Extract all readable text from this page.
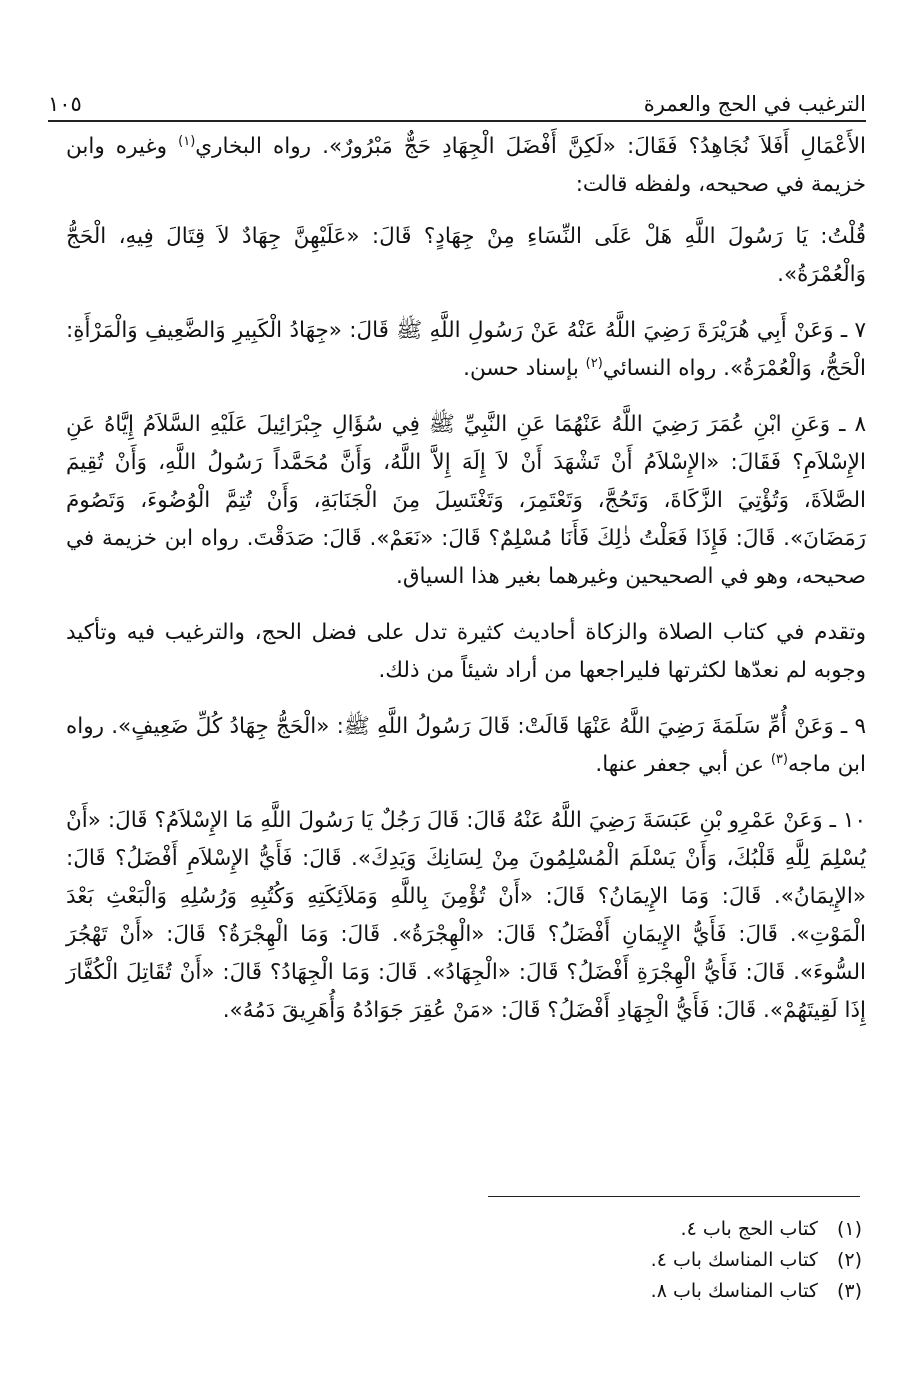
الترغيب في الحج والعمرة
١٠٥

الأَعْمَالِ أَفَلاَ نُجَاهِدُ؟ فَقَالَ: «لَكِنَّ أَفْضَلَ الْجِهَادِ حَجٌّ مَبْرُورٌ». رواه البخاري$^{(١)}$ وغيره وابن خزيمة في صحيحه، ولفظه قالت:

قُلْتُ: يَا رَسُولَ اللَّهِ هَلْ عَلَى النِّسَاءِ مِنْ جِهَادٍ؟ قَالَ: «عَلَيْهِنَّ جِهَادٌ لاَ قِتَالَ فِيهِ، الْحَجُّ وَالْعُمْرَةُ».

٧ ـ وَعَنْ أَبِي هُرَيْرَةَ رَضِيَ اللَّهُ عَنْهُ عَنْ رَسُولِ اللَّهِ ﷺ قَالَ: «جِهَادُ الْكَبِيرِ وَالضَّعِيفِ وَالْمَرْأَةِ: الْحَجُّ، وَالْعُمْرَةُ». رواه النسائي$^{(٢)}$ بإسناد حسن.

٨ ـ وَعَنِ ابْنِ عُمَرَ رَضِيَ اللَّهُ عَنْهُمَا عَنِ النَّبِيِّ ﷺ فِي سُؤَالِ جِبْرَائِيلَ عَلَيْهِ السَّلاَمُ إِيَّاهُ عَنِ الإِسْلاَمِ؟ فَقَالَ: «الإِسْلاَمُ أَنْ تَشْهَدَ أَنْ لاَ إِلَهَ إِلاَّ اللَّهُ، وَأَنَّ مُحَمَّداً رَسُولُ اللَّهِ، وَأَنْ تُقِيمَ الصَّلاَةَ، وَتُؤْتِيَ الزَّكَاةَ، وَتَحُجَّ، وَتَعْتَمِرَ، وَتَغْتَسِلَ مِنَ الْجَنَابَةِ، وَأَنْ تُتِمَّ الْوُضُوءَ، وَتَصُومَ رَمَضَانَ». قَالَ: فَإِذَا فَعَلْتُ ذٰلِكَ فَأَنَا مُسْلِمٌ؟ قَالَ: «نَعَمْ». قَالَ: صَدَقْتَ. رواه ابن خزيمة في صحيحه، وهو في الصحيحين وغيرهما بغير هذا السياق.

وتقدم في كتاب الصلاة والزكاة أحاديث كثيرة تدل على فضل الحج، والترغيب فيه وتأكيد وجوبه لم نعدّها لكثرتها فليراجعها من أراد شيئاً من ذلك.

٩ ـ وَعَنْ أُمِّ سَلَمَةَ رَضِيَ اللَّهُ عَنْهَا قَالَتْ: قَالَ رَسُولُ اللَّهِ ﷺ: «الْحَجُّ جِهَادُ كُلِّ ضَعِيفٍ». رواه ابن ماجه$^{(٣)}$ عن أبي جعفر عنها.

١٠ ـ وَعَنْ عَمْرِو بْنِ عَبَسَةَ رَضِيَ اللَّهُ عَنْهُ قَالَ: قَالَ رَجُلٌ يَا رَسُولَ اللَّهِ مَا الإِسْلاَمُ؟ قَالَ: «أَنْ يُسْلِمَ لِلَّهِ قَلْبُكَ، وَأَنْ يَسْلَمَ الْمُسْلِمُونَ مِنْ لِسَانِكَ وَيَدِكَ». قَالَ: فَأَيُّ الإِسْلاَمِ أَفْضَلُ؟ قَالَ: «الإِيمَانُ». قَالَ: وَمَا الإِيمَانُ؟ قَالَ: «أَنْ تُؤْمِنَ بِاللَّهِ وَمَلاَئِكَتِهِ وَكُتُبِهِ وَرُسُلِهِ وَالْبَعْثِ بَعْدَ الْمَوْتِ». قَالَ: فَأَيُّ الإِيمَانِ أَفْضَلُ؟ قَالَ: «الْهِجْرَةُ». قَالَ: وَمَا الْهِجْرَةُ؟ قَالَ: «أَنْ تَهْجُرَ السُّوءَ». قَالَ: فَأَيُّ الْهِجْرَةِ أَفْضَلُ؟ قَالَ: «الْجِهَادُ». قَالَ: وَمَا الْجِهَادُ؟ قَالَ: «أَنْ تُقَاتِلَ الْكُفَّارَ إِذَا لَقِيتَهُمْ». قَالَ: فَأَيُّ الْجِهَادِ أَفْضَلُ؟ قَالَ: «مَنْ عُقِرَ جَوَادُهُ وَأُهَرِيقَ دَمُهُ».

(١) كتاب الحج باب ٤.
(٢) كتاب المناسك باب ٤.
(٣) كتاب المناسك باب ٨.
